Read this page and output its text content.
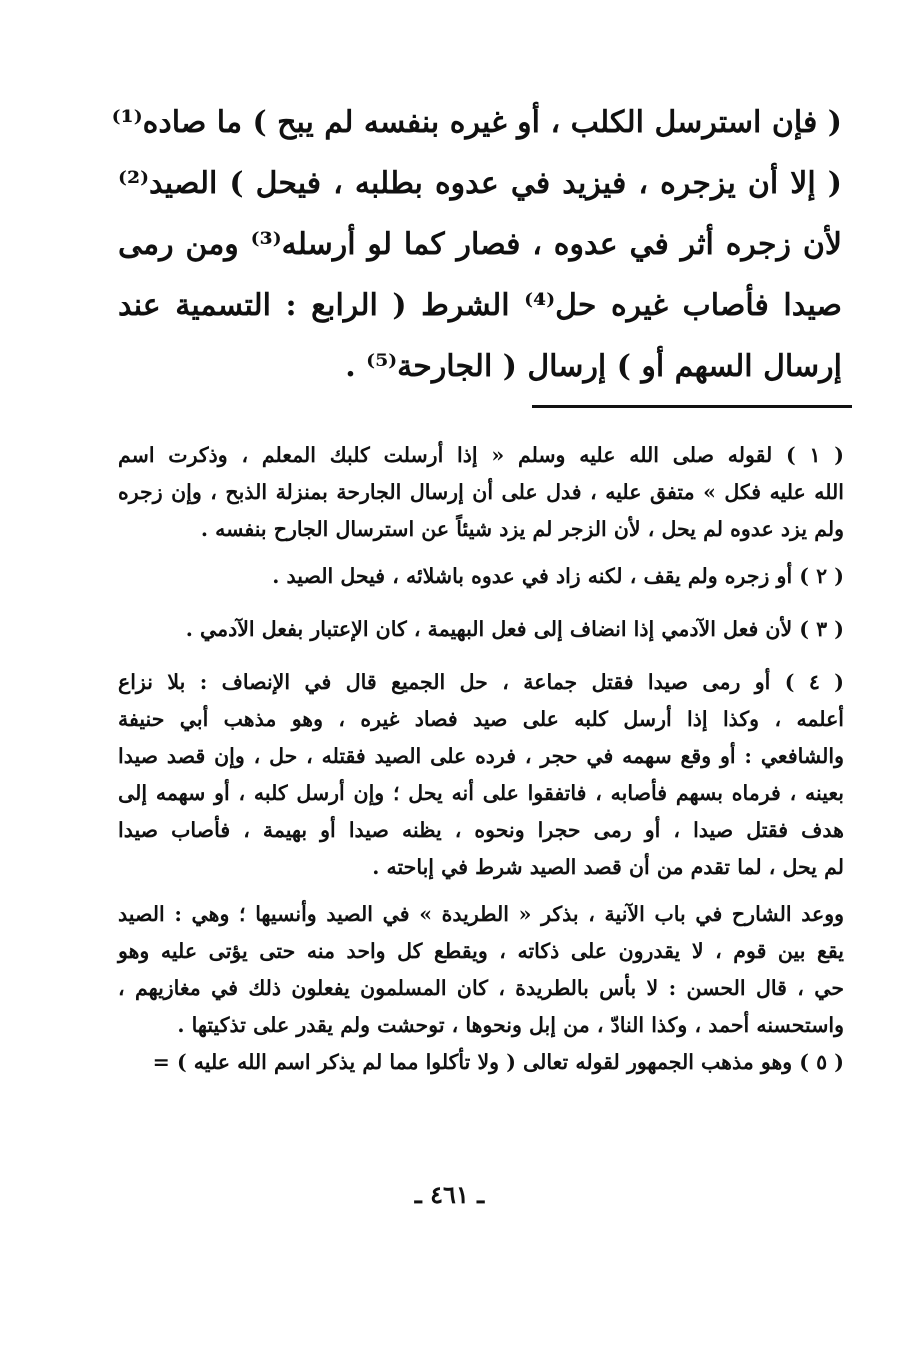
( فإن استرسل الكلب ، أو غيره بنفسه لم يبح ) ما صاده⁽¹⁾
( إلا أن يزجره ، فيزيد في عدوه بطلبه ، فيحل ) الصيد⁽²⁾
لأن زجره أثر في عدوه ، فصار كما لو أرسله⁽³⁾ ومن رمى
صيدا فأصاب غيره حل⁽⁴⁾ الشرط ( الرابع : التسمية عند
إرسال السهم أو ) إرسال ( الجارحة⁽⁵⁾ .
( ١ ) لقوله صلى الله عليه وسلم « إذا أرسلت كلبك المعلم ، وذكرت اسم
الله عليه فكل » متفق عليه ، فدل على أن إرسال الجارحة بمنزلة الذبح ، وإن زجره
ولم يزد عدوه لم يحل ، لأن الزجر لم يزد شيئاً عن استرسال الجارح بنفسه .
( ٢ ) أو زجره ولم يقف ، لكنه زاد في عدوه باشلائه ، فيحل الصيد .
( ٣ ) لأن فعل الآدمي إذا انضاف إلى فعل البهيمة ، كان الإعتبار بفعل الآدمي .
( ٤ ) أو رمى صيدا فقتل جماعة ، حل الجميع قال في الإنصاف : بلا نزاع
أعلمه ، وكذا إذا أرسل كلبه على صيد فصاد غيره ، وهو مذهب أبي حنيفة
والشافعي : أو وقع سهمه في حجر ، فرده على الصيد فقتله ، حل ، وإن قصد صيدا
بعينه ، فرماه بسهم فأصابه ، فاتفقوا على أنه يحل ؛ وإن أرسل كلبه ، أو سهمه إلى
هدف فقتل صيدا ، أو رمى حجرا ونحوه ، يظنه صيدا أو بهيمة ، فأصاب صيدا
لم يحل ، لما تقدم من أن قصد الصيد شرط في إباحته .
ووعد الشارح في باب الآنية ، بذكر « الطريدة » في الصيد وأنسيها ؛ وهي : الصيد
يقع بين قوم ، لا يقدرون على ذكاته ، ويقطع كل واحد منه حتى يؤتى عليه وهو
حي ، قال الحسن : لا بأس بالطريدة ، كان المسلمون يفعلون ذلك في مغازيهم ،
واستحسنه أحمد ، وكذا النادّ ، من إبل ونحوها ، توحشت ولم يقدر على تذكيتها .
( ٥ ) وهو مذهب الجمهور لقوله تعالى ( ولا تأكلوا مما لم يذكر اسم الله عليه ) =
ـ ٤٦١ ـ
